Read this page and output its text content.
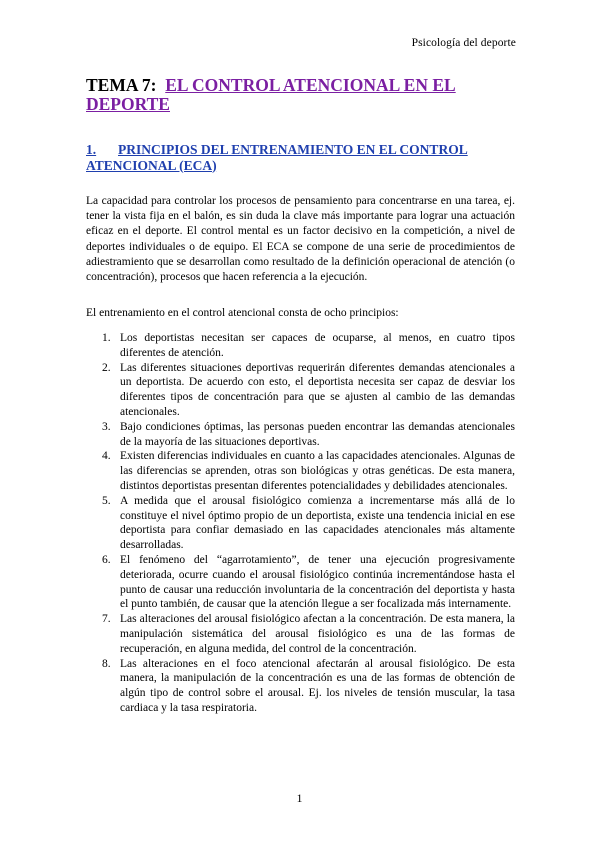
Psicología del deporte
TEMA 7: EL CONTROL ATENCIONAL EN EL DEPORTE
1. PRINCIPIOS DEL ENTRENAMIENTO EN EL CONTROL ATENCIONAL (ECA)
La capacidad para controlar los procesos de pensamiento para concentrarse en una tarea, ej. tener la vista fija en el balón, es sin duda la clave más importante para lograr una actuación eficaz en el deporte. El control mental es un factor decisivo en la competición, a nivel de deportes individuales o de equipo. El ECA se compone de una serie de procedimientos de adiestramiento que se desarrollan como resultado de la definición operacional de atención (o concentración), procesos que hacen referencia a la ejecución.
El entrenamiento en el control atencional consta de ocho principios:
1. Los deportistas necesitan ser capaces de ocuparse, al menos, en cuatro tipos diferentes de atención.
2. Las diferentes situaciones deportivas requerirán diferentes demandas atencionales a un deportista. De acuerdo con esto, el deportista necesita ser capaz de desviar los diferentes tipos de concentración para que se ajusten al cambio de las demandas atencionales.
3. Bajo condiciones óptimas, las personas pueden encontrar las demandas atencionales de la mayoría de las situaciones deportivas.
4. Existen diferencias individuales en cuanto a las capacidades atencionales. Algunas de las diferencias se aprenden, otras son biológicas y otras genéticas. De esta manera, distintos deportistas presentan diferentes potencialidades y debilidades atencionales.
5. A medida que el arousal fisiológico comienza a incrementarse más allá de lo constituye el nivel óptimo propio de un deportista, existe una tendencia inicial en ese deportista para confiar demasiado en las capacidades atencionales más altamente desarrolladas.
6. El fenómeno del “agarrotamiento”, de tener una ejecución progresivamente deteriorada, ocurre cuando el arousal fisiológico continúa incrementándose hasta el punto de causar una reducción involuntaria de la concentración del deportista y hasta el punto también, de causar que la atención llegue a ser focalizada más internamente.
7. Las alteraciones del arousal fisiológico afectan a la concentración. De esta manera, la manipulación sistemática del arousal fisiológico es una de las formas de recuperación, en alguna medida, del control de la concentración.
8. Las alteraciones en el foco atencional afectarán al arousal fisiológico. De esta manera, la manipulación de la concentración es una de las formas de obtención de algún tipo de control sobre el arousal. Ej. los niveles de tensión muscular, la tasa cardiaca y la tasa respiratoria.
1
